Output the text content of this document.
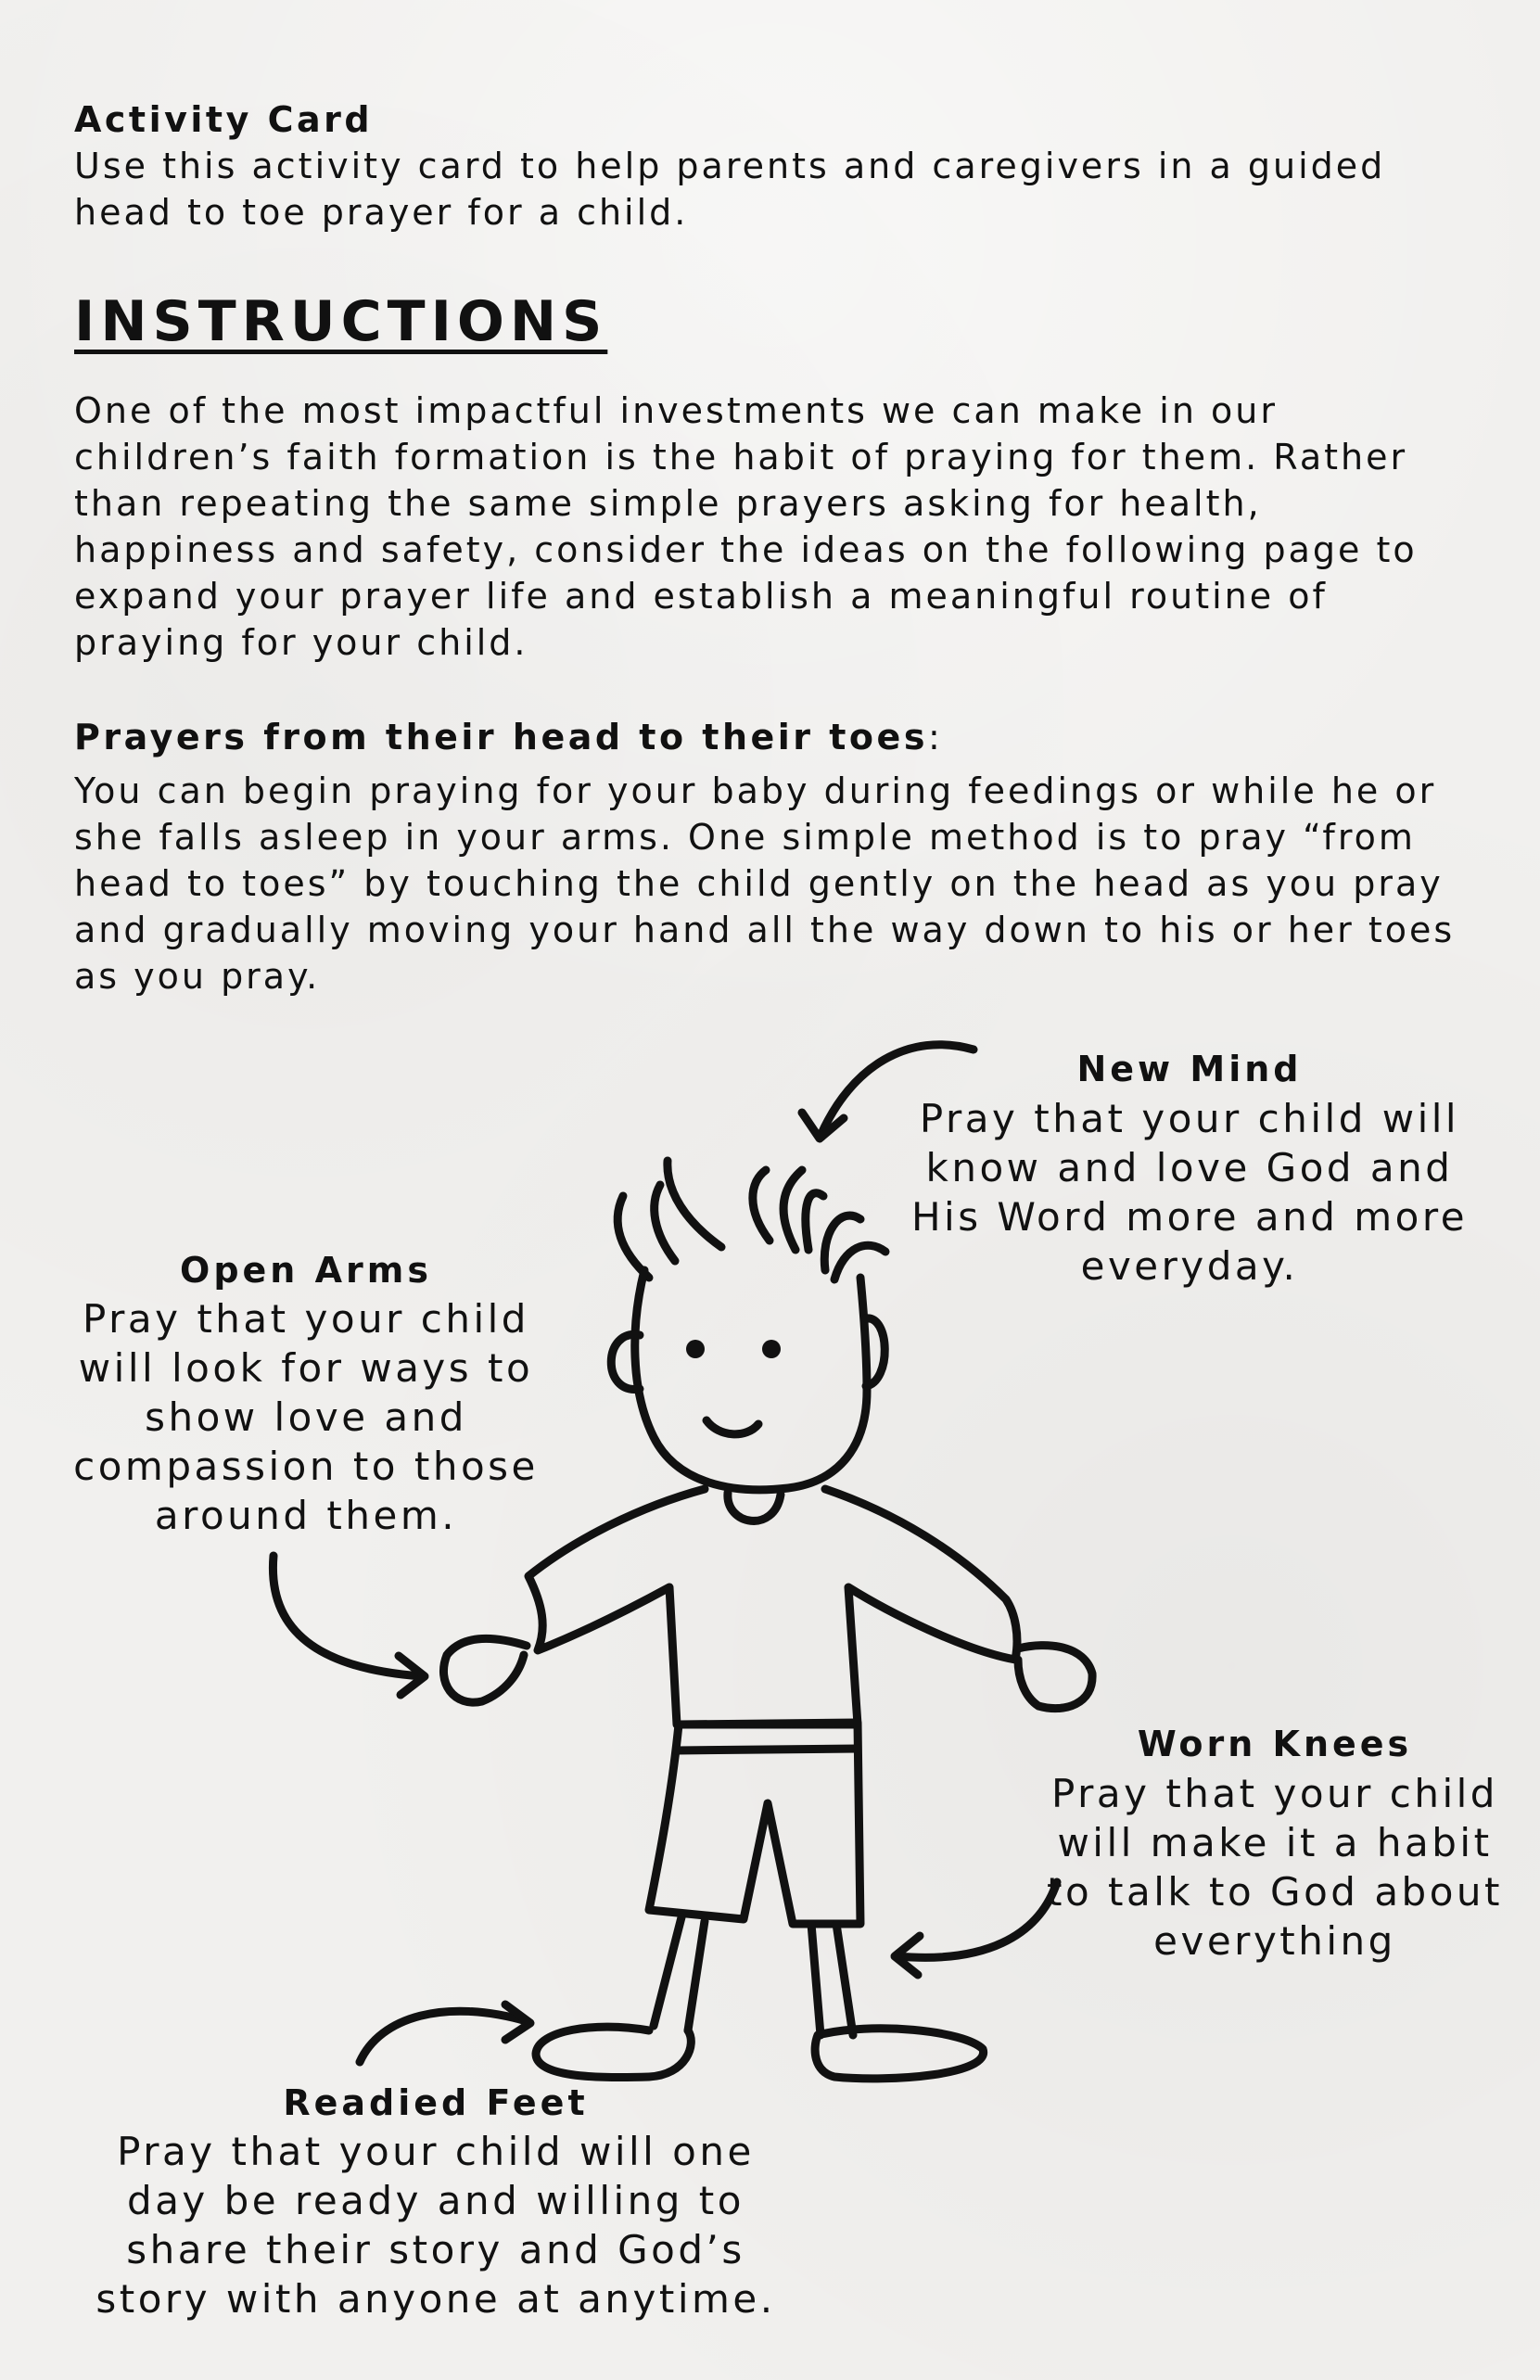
Activity Card
Use this activity card to help parents and caregivers in a guided head to toe prayer for a child.
INSTRUCTIONS
One of the most impactful investments we can make in our children’s faith formation is the habit of praying for them. Rather than repeating the same simple prayers asking for health, happiness and safety, consider the ideas on the following page to expand your prayer life and establish a meaningful routine of praying for your child.
Prayers from their head to their toes:
You can begin praying for your baby during feedings or while he or she falls asleep in your arms. One simple method is to pray “from head to toes” by touching the child gently on the head as you pray and gradually moving your hand all the way down to his or her toes as you pray.
New Mind
Pray that your child will know and love God and His Word more and more everyday.
Open Arms
Pray that your child will look for ways to show love and compassion to those around them.
Worn Knees
Pray that your child will make it a habit to talk to God about everything
Readied Feet
Pray that your child will one day be ready and willing to share their story and God’s story with anyone at anytime.
